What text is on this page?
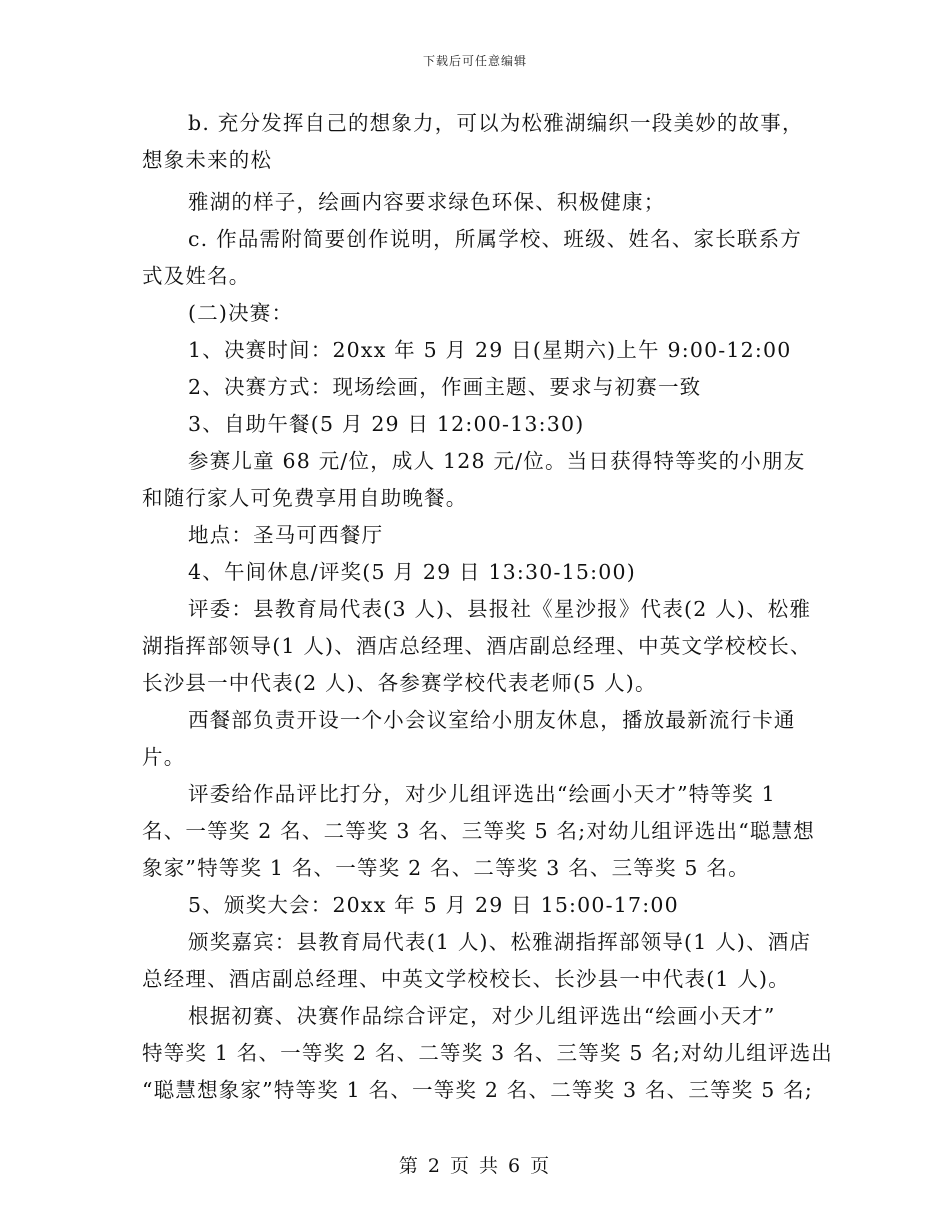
下载后可任意编辑
b. 充分发挥自己的想象力，可以为松雅湖编织一段美妙的故事，
想象未来的松
雅湖的样子，绘画内容要求绿色环保、积极健康；
c. 作品需附简要创作说明，所属学校、班级、姓名、家长联系方
式及姓名。
(二)决赛：
1、决赛时间：20xx 年 5 月 29 日(星期六)上午 9:00-12:00
2、决赛方式：现场绘画，作画主题、要求与初赛一致
3、自助午餐(5 月 29 日 12:00-13:30)
参赛儿童 68 元/位，成人 128 元/位。当日获得特等奖的小朋友
和随行家人可免费享用自助晚餐。
地点：圣马可西餐厅
4、午间休息/评奖(5 月 29 日 13:30-15:00)
评委：县教育局代表(3 人)、县报社《星沙报》代表(2 人)、松雅
湖指挥部领导(1 人)、酒店总经理、酒店副总经理、中英文学校校长、
长沙县一中代表(2 人)、各参赛学校代表老师(5 人)。
西餐部负责开设一个小会议室给小朋友休息，播放最新流行卡通
片。
评委给作品评比打分，对少儿组评选出“绘画小天才”特等奖 1
名、一等奖 2 名、二等奖 3 名、三等奖 5 名;对幼儿组评选出“聪慧想
象家”特等奖 1 名、一等奖 2 名、二等奖 3 名、三等奖 5 名。
5、颁奖大会：20xx 年 5 月 29 日 15:00-17:00
颁奖嘉宾：县教育局代表(1 人)、松雅湖指挥部领导(1 人)、酒店
总经理、酒店副总经理、中英文学校校长、长沙县一中代表(1 人)。
根据初赛、决赛作品综合评定，对少儿组评选出“绘画小天才”
特等奖 1 名、一等奖 2 名、二等奖 3 名、三等奖 5 名;对幼儿组评选出
“聪慧想象家”特等奖 1 名、一等奖 2 名、二等奖 3 名、三等奖 5 名;
第 2 页 共 6 页
